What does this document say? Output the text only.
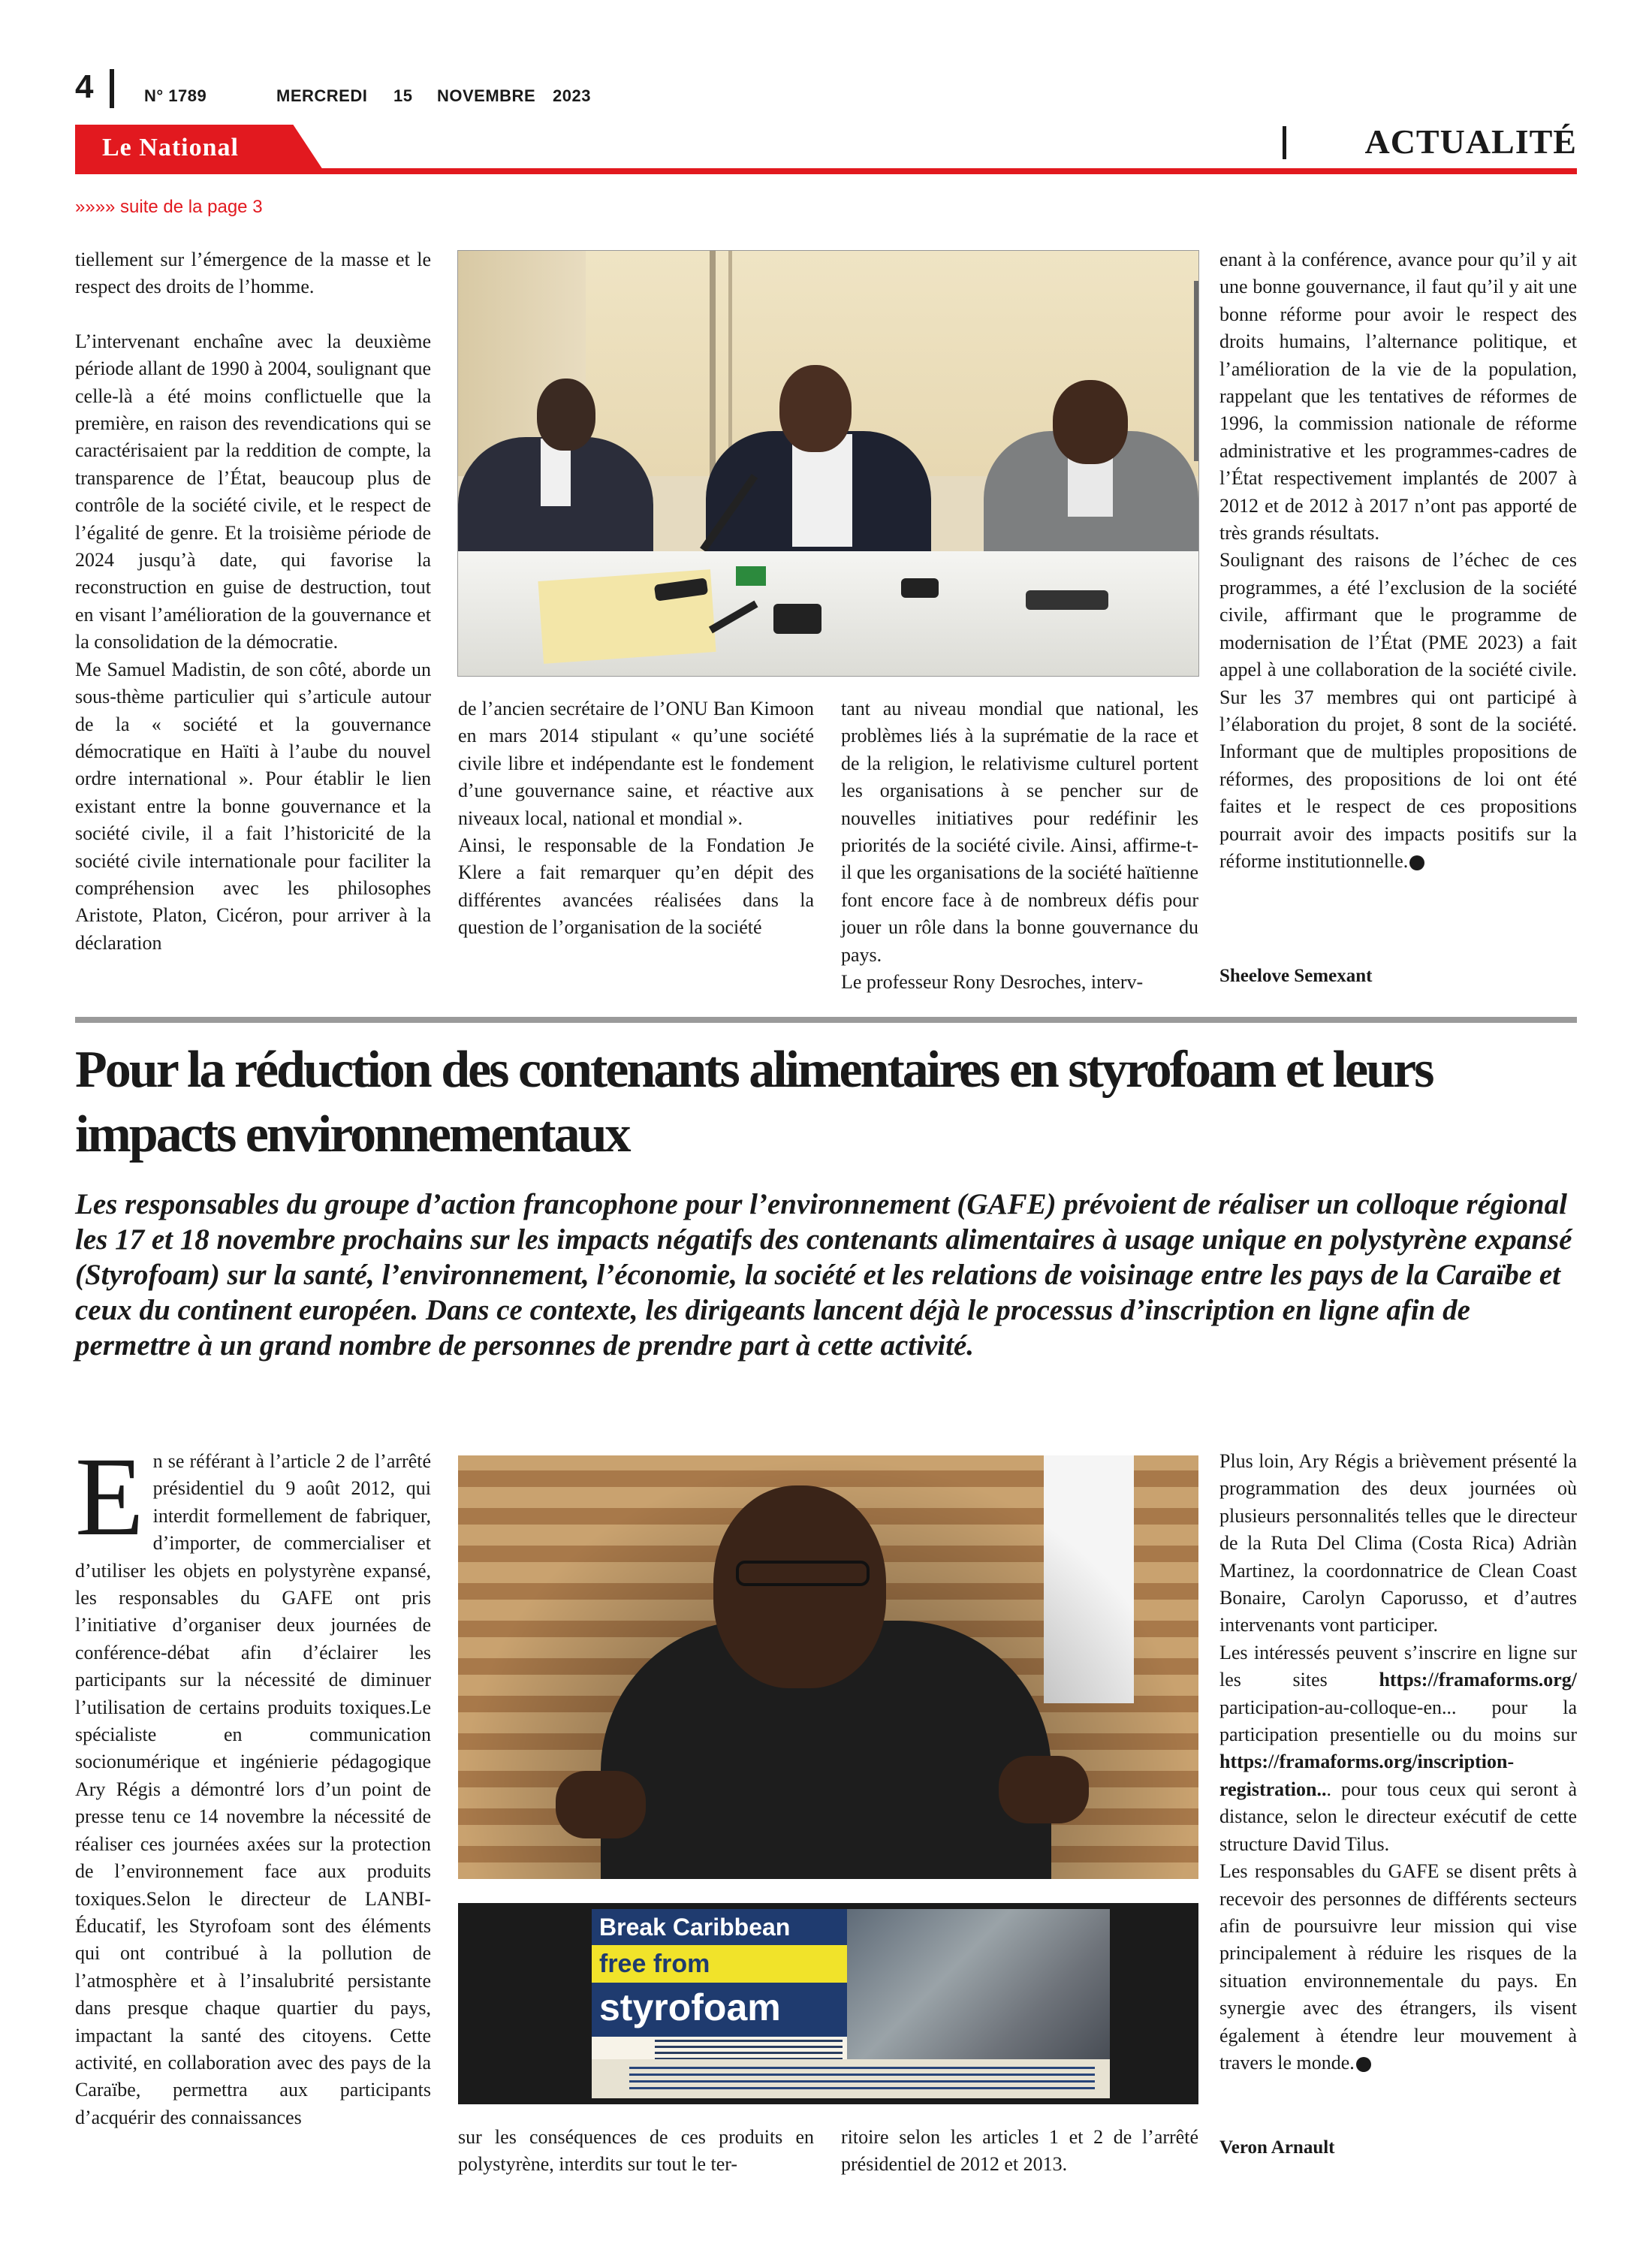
4	N° 1789	MERCREDI 15 NOVEMBRE 2023
Le National	ACTUALITÉ
»»»» suite de la page 3

tiellement sur l’émergence de la masse et le respect des droits de l’homme.

L’intervenant enchaîne avec la deuxième période allant de 1990 à 2004, soulignant que celle-là a été moins conflictuelle que la première, en raison des revendications qui se caractérisaient par la reddition de compte, la transparence de l’État, beaucoup plus de contrôle de la société civile, et le respect de l’égalité de genre. Et la troisième période de 2024 jusqu’à date, qui favorise la reconstruction en guise de destruction, tout en visant l’amélioration de la gouvernance et la consolidation de la démocratie.

Me Samuel Madistin, de son côté, aborde un sous-thème particulier qui s’articule autour de la « société et la gouvernance démocratique en Haïti à l’aube du nouvel ordre international ». Pour établir le lien existant entre la bonne gouvernance et la société civile, il a fait l’historicité de la société civile internationale pour faciliter la compréhension avec les philosophes Aristote, Platon, Cicéron, pour arriver à la déclaration

de l’ancien secrétaire de l’ONU Ban Kimoon en mars 2014 stipulant « qu’une société civile libre et indépendante est le fondement d’une gouvernance saine, et réactive aux niveaux local, national et mondial ».

Ainsi, le responsable de la Fondation Je Klere a fait remarquer qu’en dépit des différentes avancées réalisées dans la question de l’organisation de la société

tant au niveau mondial que national, les problèmes liés à la suprématie de la race et de la religion, le relativisme culturel portent les organisations à se pencher sur de nouvelles initiatives pour redéfinir les priorités de la société civile. Ainsi, affirme-t-il que les organisations de la société haïtienne font encore face à de nombreux défis pour jouer un rôle dans la bonne gouvernance du pays.

Le professeur Rony Desroches, interv-

enant à la conférence, avance pour qu’il y ait une bonne gouvernance, il faut qu’il y ait une bonne réforme pour avoir le respect des droits humains, l’alternance politique, et l’amélioration de la vie de la population, rappelant que les tentatives de réformes de 1996, la commission nationale de réforme administrative et les programmes-cadres de l’État respectivement implantés de 2007 à 2012 et de 2012 à 2017 n’ont pas apporté de très grands résultats.

Soulignant des raisons de l’échec de ces programmes, a été l’exclusion de la société civile, affirmant que le programme de modernisation de l’État (PME 2023) a fait appel à une collaboration de la société civile. Sur les 37 membres qui ont participé à l’élaboration du projet, 8 sont de la société. Informant que de multiples propositions de réformes, des propositions de loi ont été faites et le respect de ces propositions pourrait avoir des impacts positifs sur la réforme institutionnelle.

Sheelove Semexant
Pour la réduction des contenants alimentaires en styrofoam et leurs impacts environnementaux

Les responsables du groupe d’action francophone pour l’environnement (GAFE) prévoient de réaliser un colloque régional les 17 et 18 novembre prochains sur les impacts négatifs des contenants alimentaires à usage unique en polystyrène expansé (Styrofoam) sur la santé, l’environnement, l’économie, la société et les relations de voisinage entre les pays de la Caraïbe et ceux du continent européen. Dans ce contexte, les dirigeants lancent déjà le processus d’inscription en ligne afin de permettre à un grand nombre de personnes de prendre part à cette activité.

En se référant à l’article 2 de l’arrêté présidentiel du 9 août 2012, qui interdit formellement de fabriquer, d’importer, de commercialiser et d’utiliser les objets en polystyrène expansé, les responsables du GAFE ont pris l’initiative d’organiser deux journées de conférence-débat afin d’éclairer les participants sur la nécessité de diminuer l’utilisation de certains produits toxiques.Le spécialiste en communication socionumérique et ingénierie pédagogique Ary Régis a démontré lors d’un point de presse tenu ce 14 novembre la nécessité de réaliser ces journées axées sur la protection de l’environnement face aux produits toxiques.Selon le directeur de LANBI-Éducatif, les Styrofoam sont des éléments qui ont contribué à la pollution de l’atmosphère et à l’insalubrité persistante dans presque chaque quartier du pays, impactant la santé des citoyens. Cette activité, en collaboration avec des pays de la Caraïbe, permettra aux participants d’acquérir des connaissances

Break Caribbean
free from
styrofoam

sur les conséquences de ces produits en polystyrène, interdits sur tout le ter-

ritoire selon les articles 1 et 2 de l’arrêté présidentiel de 2012 et 2013.

Plus loin, Ary Régis a brièvement présenté la programmation des deux journées où plusieurs personnalités telles que le directeur de la Ruta Del Clima (Costa Rica) Adriàn Martinez, la coordonnatrice de Clean Coast Bonaire, Carolyn Caporusso, et d’autres intervenants vont participer.

Les intéressés peuvent s’inscrire en ligne sur les sites https://framaforms.org/ participation-au-colloque-en... pour la participation presentielle ou du moins sur https://framaforms.org/inscription-registration... pour tous ceux qui seront à distance, selon le directeur exécutif de cette structure David Tilus.

Les responsables du GAFE se disent prêts à recevoir des personnes de différents secteurs afin de poursuivre leur mission qui vise principalement à réduire les risques de la situation environnementale du pays. En synergie avec des étrangers, ils visent également à étendre leur mouvement à travers le monde.

Veron Arnault
